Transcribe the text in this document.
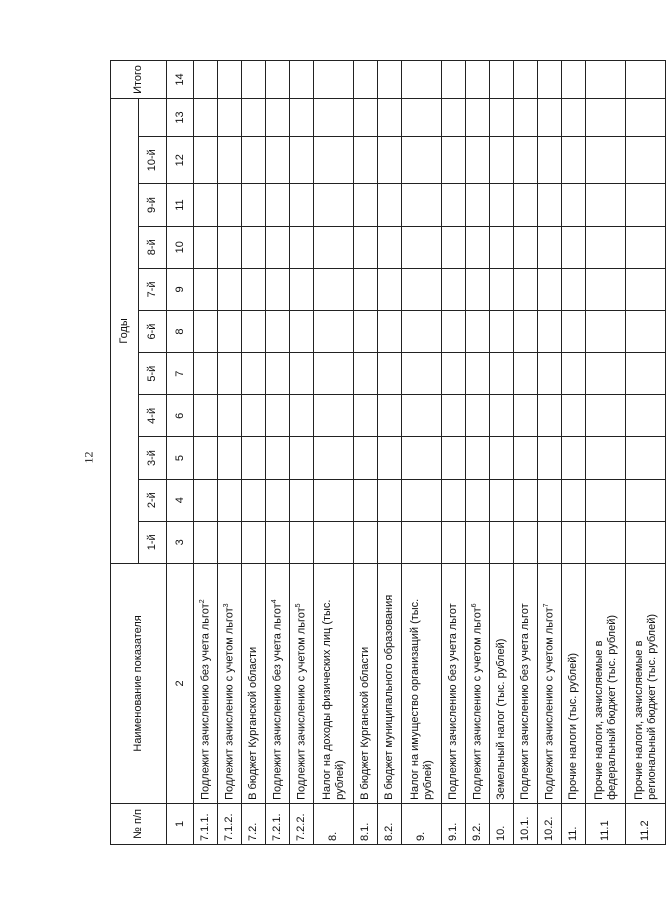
12
№ п/п	Наименование показателя	Годы											Итого
		1-й	2-й	3-й	4-й	5-й	6-й	7-й	8-й	9-й	10-й		
1	2	3	4	5	6	7	8	9	10	11	12	13	14
7.1.1.	Подлежит зачислению без учета льгот$^2$												
7.1.2.	Подлежит зачислению с учетом льгот$^3$												
7.2.	В бюджет Курганской области												
7.2.1.	Подлежит зачислению без учета льгот$^4$												
7.2.2.	Подлежит зачислению с учетом льгот$^5$												
8.	Налог на доходы физических лиц (тыс. рублей)												
8.1.	В бюджет Курганской области												
8.2.	В бюджет муниципального образования												
9.	Налог на имущество организаций (тыс. рублей)												
9.1.	Подлежит зачислению без учета льгот												
9.2.	Подлежит зачислению с учетом льгот$^6$												
10.	Земельный налог (тыс. рублей)												
10.1.	Подлежит зачислению без учета льгот												
10.2.	Подлежит зачислению с учетом льгот$^7$												
11.	Прочие налоги (тыс. рублей)												
11.1	Прочие налоги, зачисляемые в федеральный бюджет (тыс. рублей)												
11.2	Прочие налоги, зачисляемые в региональный бюджет (тыс. рублей)												
